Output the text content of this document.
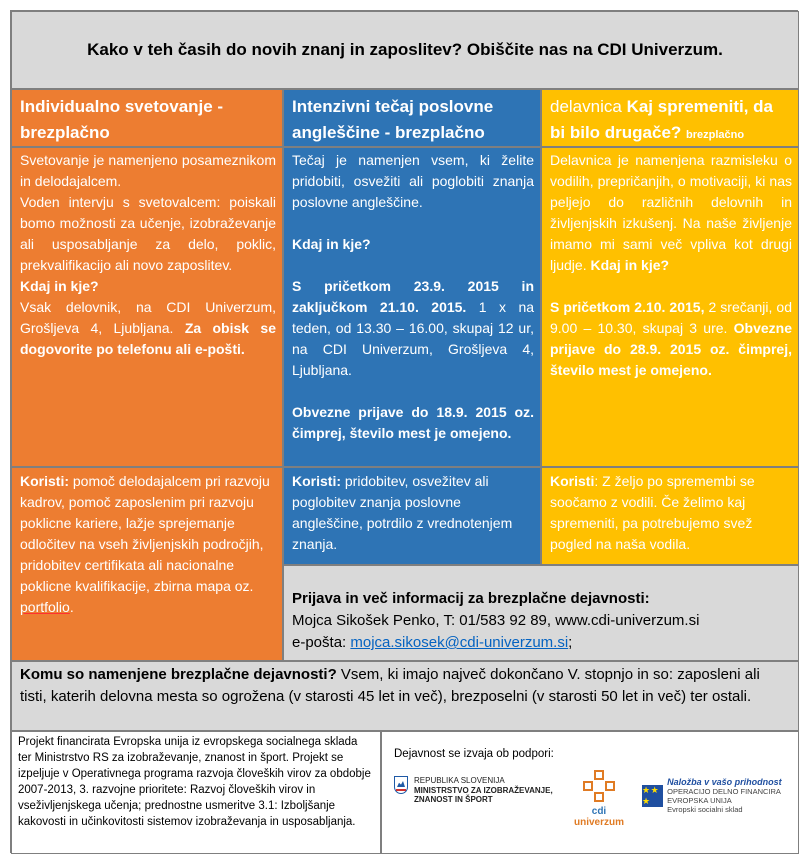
Kako v teh časih do novih znanj in zaposlitev? Obiščite nas na CDI Univerzum.
Individualno svetovanje - brezplačno
Intenzivni tečaj poslovne angleščine - brezplačno
delavnica Kaj spremeniti, da bi bilo drugače? brezplačno

Svetovanje je namenjeno posameznikom in delodajalcem.

Voden intervju s svetovalcem: poiskali bomo možnosti za učenje, izobraževanje ali usposabljanje za delo, poklic, prekvalifikacijo ali novo zaposlitev.

Kdaj in kje?

Vsak delovnik, na CDI Univerzum, Grošljeva 4, Ljubljana. Za obisk se dogovorite po telefonu ali e-pošti.

Tečaj je namenjen vsem, ki želite pridobiti, osvežiti ali poglobiti znanja poslovne angleščine.

Kdaj in kje?

S pričetkom 23.9. 2015 in zaključkom 21.10. 2015. 1 x na teden, od 13.30 – 16.00, skupaj 12 ur, na CDI Univerzum, Grošljeva 4, Ljubljana.

Obvezne prijave do 18.9. 2015 oz. čimprej, število mest je omejeno.

Delavnica je namenjena razmisleku o vodilih, prepričanjih, o motivaciji, ki nas peljejo do različnih delovnih in življenjskih izkušenj. Na naše življenje imamo mi sami več vpliva kot drugi ljudje. Kdaj in kje?

S pričetkom 2.10. 2015, 2 srečanji, od 9.00 – 10.30, skupaj 3 ure. Obvezne prijave do 28.9. 2015 oz. čimprej, število mest je omejeno.

Koristi: pomoč delodajalcem pri razvoju kadrov, pomoč zaposlenim pri razvoju poklicne kariere, lažje sprejemanje odločitev na vseh življenjskih področjih, pridobitev certifikata ali nacionalne poklicne kvalifikacije, zbirna mapa oz. portfolio.

Koristi: pridobitev, osvežitev ali poglobitev znanja poslovne angleščine, potrdilo z vrednotenjem znanja.

Koristi: Z željo po spremembi se soočamo z vodili. Če želimo kaj spremeniti, pa potrebujemo svež pogled na naša vodila.

Prijava in več informacij za brezplačne dejavnosti:

Mojca Sikošek Penko, T: 01/583 92 89, www.cdi-univerzum.si

e-pošta: mojca.sikosek@cdi-univerzum.si;

Komu so namenjene brezplačne dejavnosti? Vsem, ki imajo največ dokončano V. stopnjo in so: zaposleni ali tisti, katerih delovna mesta so ogrožena (v starosti 45 let in več), brezposelni (v starosti 50 let in več) ter ostali.

Projekt financirata Evropska unija iz evropskega socialnega sklada ter Ministrstvo RS za izobraževanje, znanost in šport. Projekt se izpeljuje v Operativnega programa razvoja človeških virov za obdobje 2007-2013, 3. razvojne prioritete: Razvoj človeških virov in vseživljenjskega učenja; prednostne usmeritve 3.1: Izboljšanje kakovosti in učinkovitosti sistemov izobraževanja in usposabljanja.

Dejavnost se izvaja ob podpori:

REPUBLIKA SLOVENIJA
MINISTRSTVO ZA IZOBRAŽEVANJE,
ZNANOST IN ŠPORT
cdi univerzum
★ ★ ★
Naložba v vašo prihodnost
OPERACIJO DELNO FINANCIRA EVROPSKA UNIJA
Evropski socialni sklad
